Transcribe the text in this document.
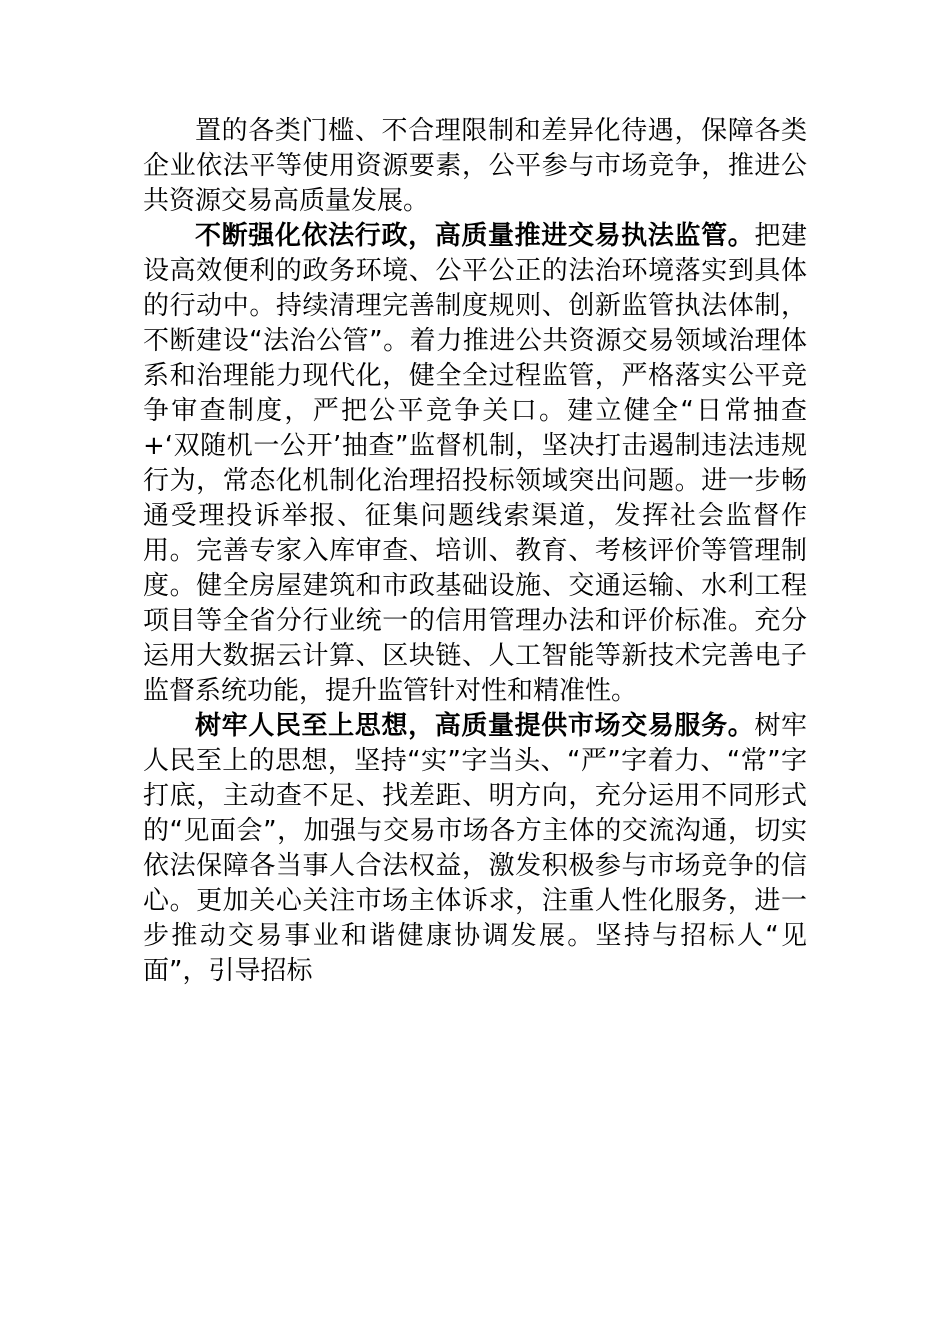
置的各类门槛、不合理限制和差异化待遇，保障各类企业依法平等使用资源要素，公平参与市场竞争，推进公共资源交易高质量发展。

不断强化依法行政，高质量推进交易执法监管。把建设高效便利的政务环境、公平公正的法治环境落实到具体的行动中。持续清理完善制度规则、创新监管执法体制，不断建设“法治公管”。着力推进公共资源交易领域治理体系和治理能力现代化，健全全过程监管，严格落实公平竞争审查制度，严把公平竞争关口。建立健全“日常抽查+‘双随机一公开’抽查”监督机制，坚决打击遏制违法违规行为，常态化机制化治理招投标领域突出问题。进一步畅通受理投诉举报、征集问题线索渠道，发挥社会监督作用。完善专家入库审查、培训、教育、考核评价等管理制度。健全房屋建筑和市政基础设施、交通运输、水利工程项目等全省分行业统一的信用管理办法和评价标准。充分运用大数据云计算、区块链、人工智能等新技术完善电子监督系统功能，提升监管针对性和精准性。

树牢人民至上思想，高质量提供市场交易服务。树牢人民至上的思想，坚持“实”字当头、“严”字着力、“常”字打底，主动查不足、找差距、明方向，充分运用不同形式的“见面会”，加强与交易市场各方主体的交流沟通，切实依法保障各当事人合法权益，激发积极参与市场竞争的信心。更加关心关注市场主体诉求，注重人性化服务，进一步推动交易事业和谐健康协调发展。坚持与招标人“见面”，引导招标
